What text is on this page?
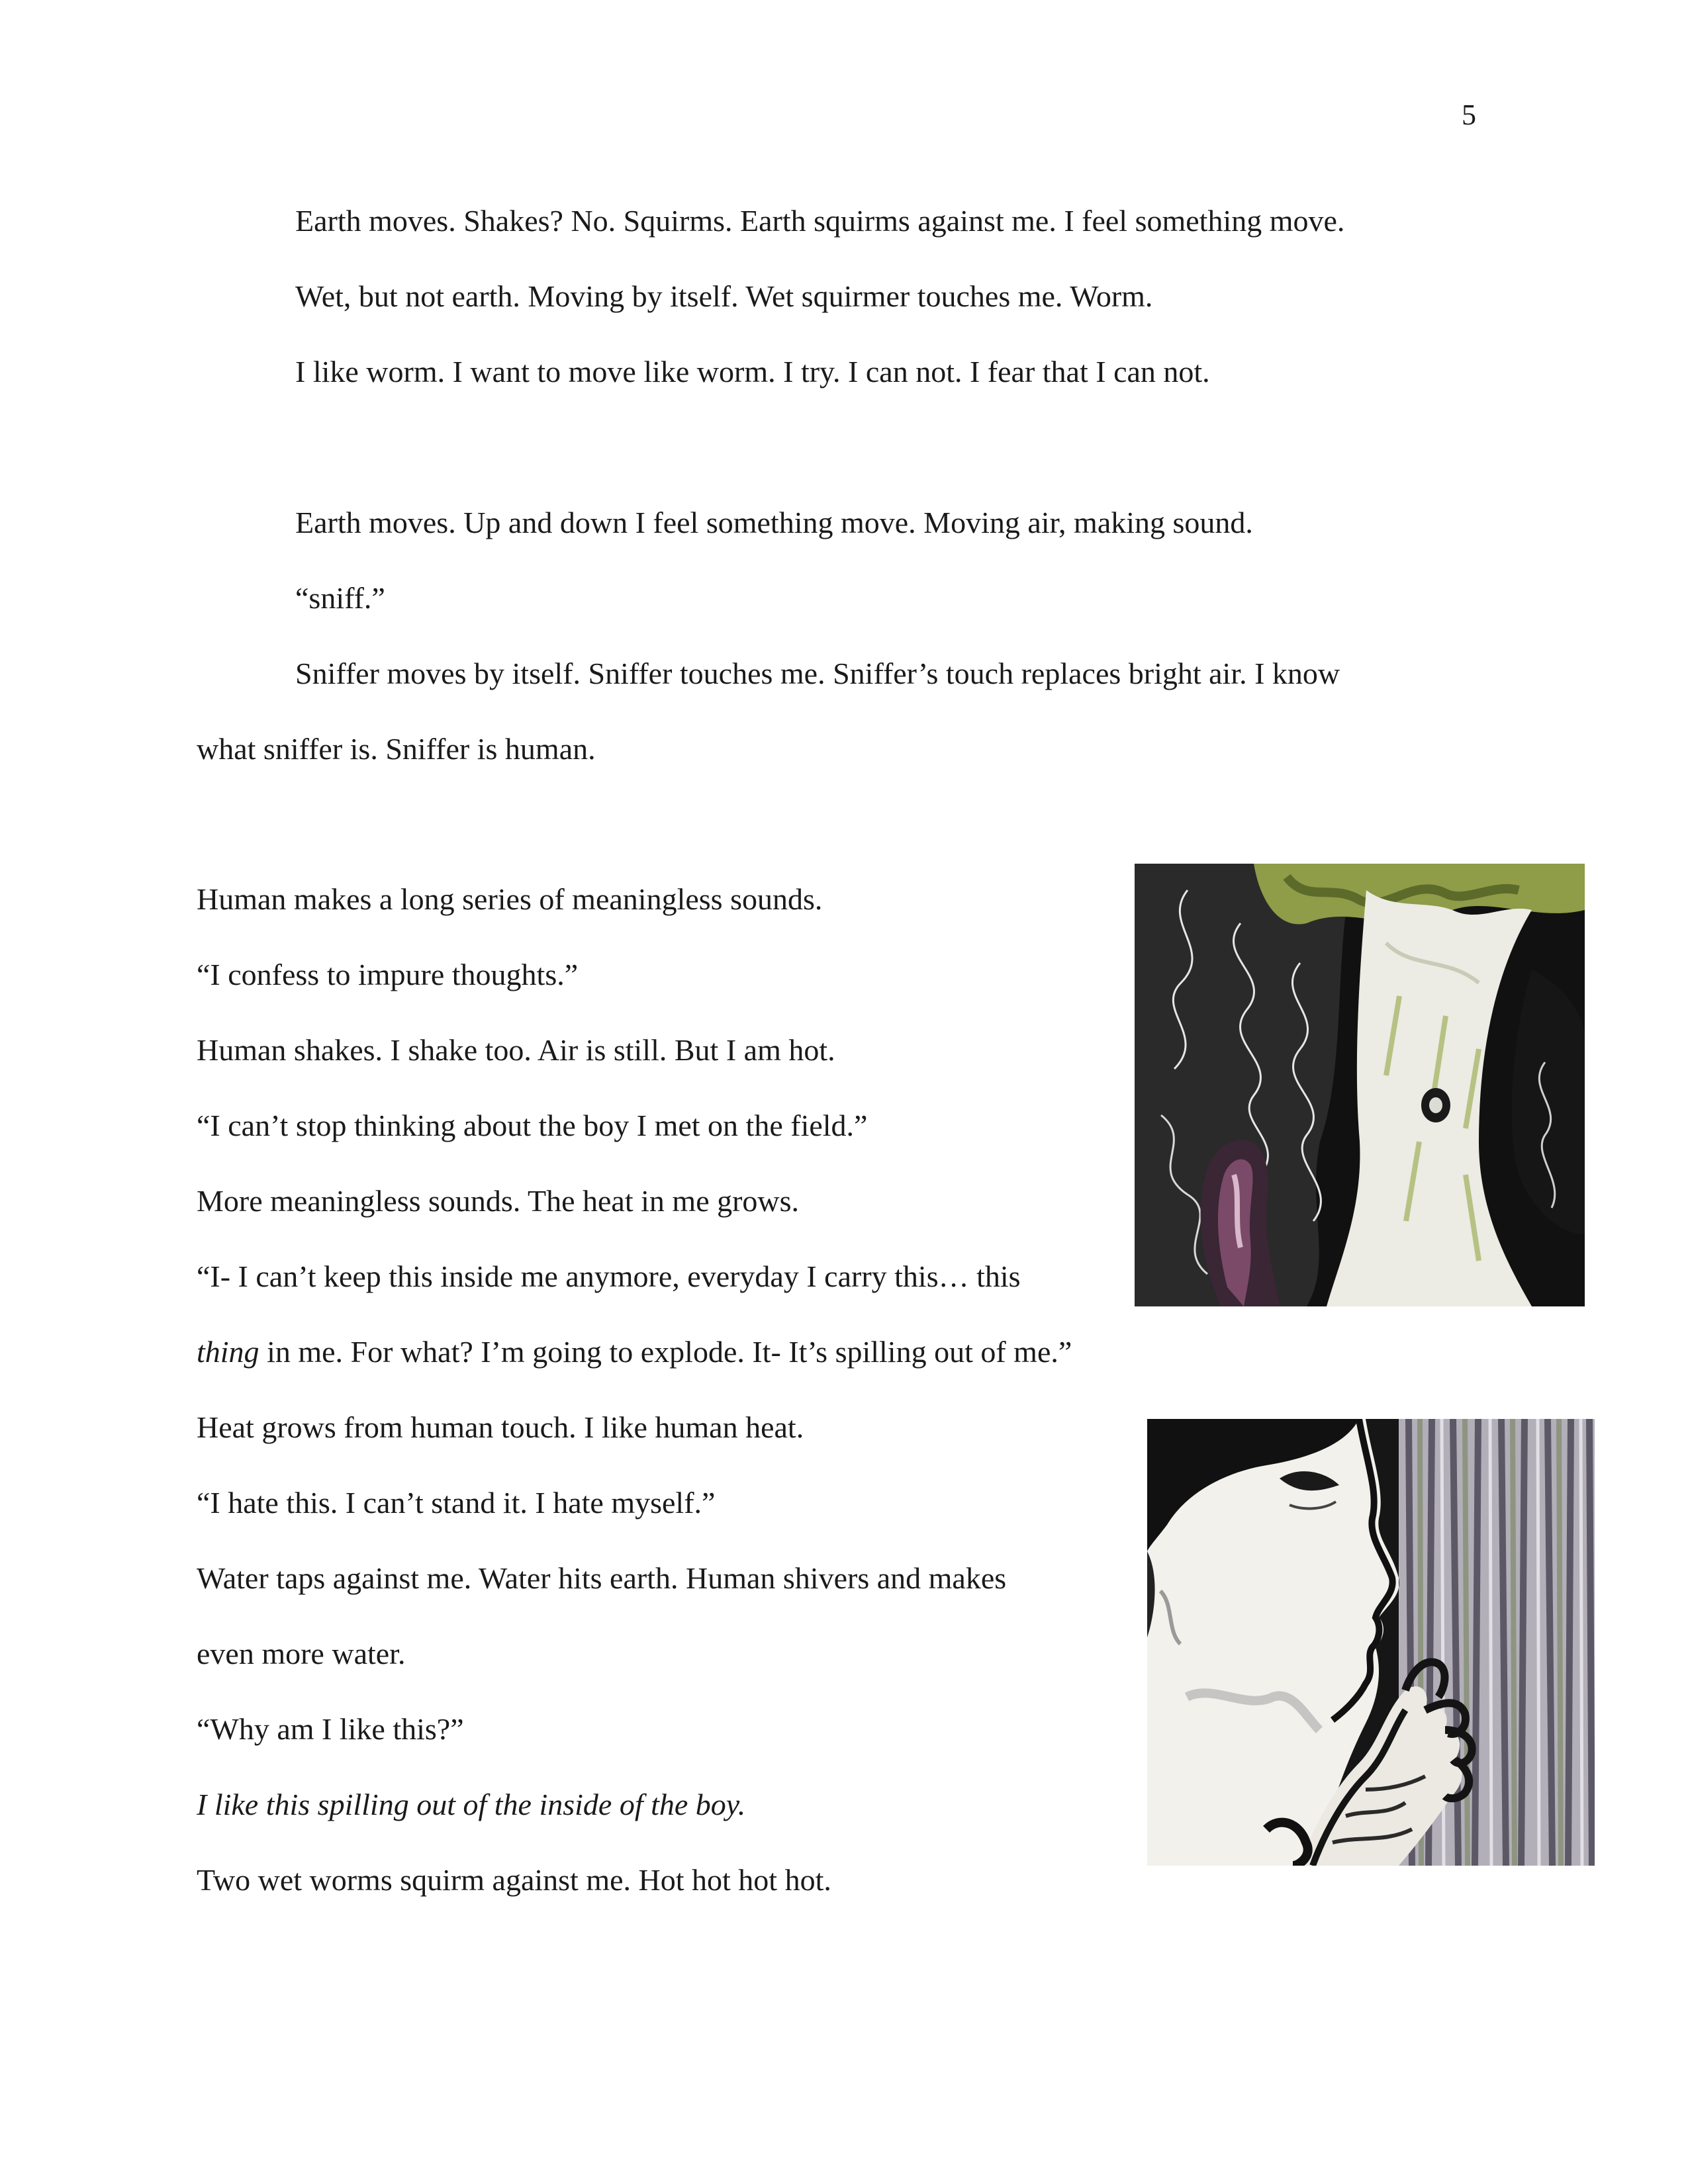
5
Earth moves. Shakes? No. Squirms. Earth squirms against me. I feel something move.
Wet, but not earth. Moving by itself. Wet squirmer touches me. Worm.
I like worm. I want to move like worm. I try. I can not. I fear that I can not.
Earth moves. Up and down I feel something move. Moving air, making sound.
“sniff.”
Sniffer moves by itself. Sniffer touches me. Sniffer’s touch replaces bright air. I know
what sniffer is. Sniffer is human.
Human makes a long series of meaningless sounds.
“I confess to impure thoughts.”
Human shakes. I shake too. Air is still. But I am hot.
“I can’t stop thinking about the boy I met on the field.”
More meaningless sounds. The heat in me grows.
“I- I can’t keep this inside me anymore, everyday I carry this… this
thing in me. For what? I’m going to explode. It- It’s spilling out of me.”
Heat grows from human touch. I like human heat.
“I hate this. I can’t stand it. I hate myself.”
Water taps against me. Water hits earth. Human shivers and makes
even more water.
“Why am I like this?”
I like this spilling out of the inside of the boy.
Two wet worms squirm against me. Hot hot hot hot.
